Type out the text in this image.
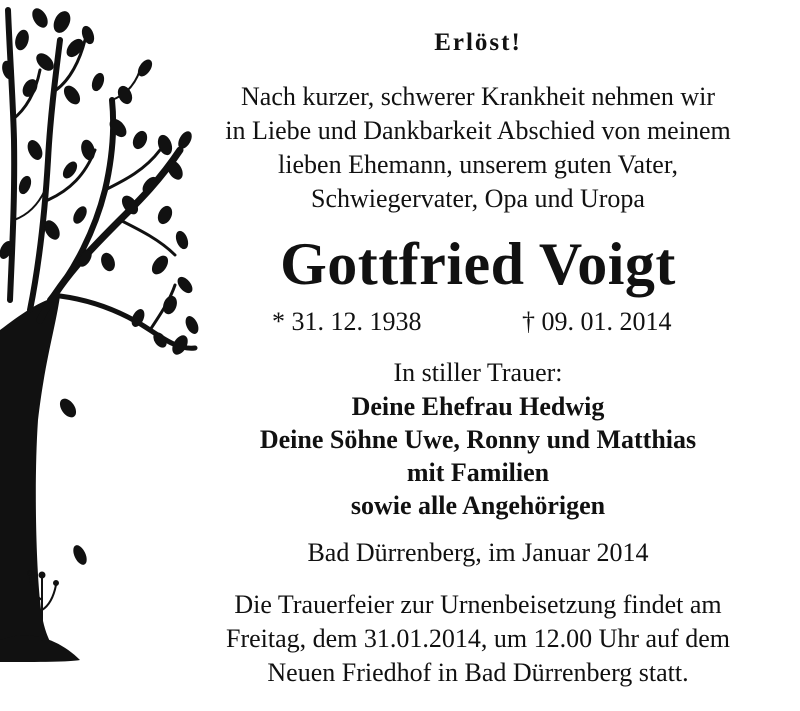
Erlöst!
Nach kurzer, schwerer Krankheit nehmen wir
in Liebe und Dankbarkeit Abschied von meinem
lieben Ehemann, unserem guten Vater,
Schwiegervater, Opa und Uropa
Gottfried Voigt
* 31. 12. 1938	† 09. 01. 2014
In stiller Trauer:
Deine Ehefrau Hedwig
Deine Söhne Uwe, Ronny und Matthias
mit Familien
sowie alle Angehörigen
Bad Dürrenberg, im Januar 2014
Die Trauerfeier zur Urnenbeisetzung findet am
Freitag, dem 31.01.2014, um 12.00 Uhr auf dem
Neuen Friedhof in Bad Dürrenberg statt.
